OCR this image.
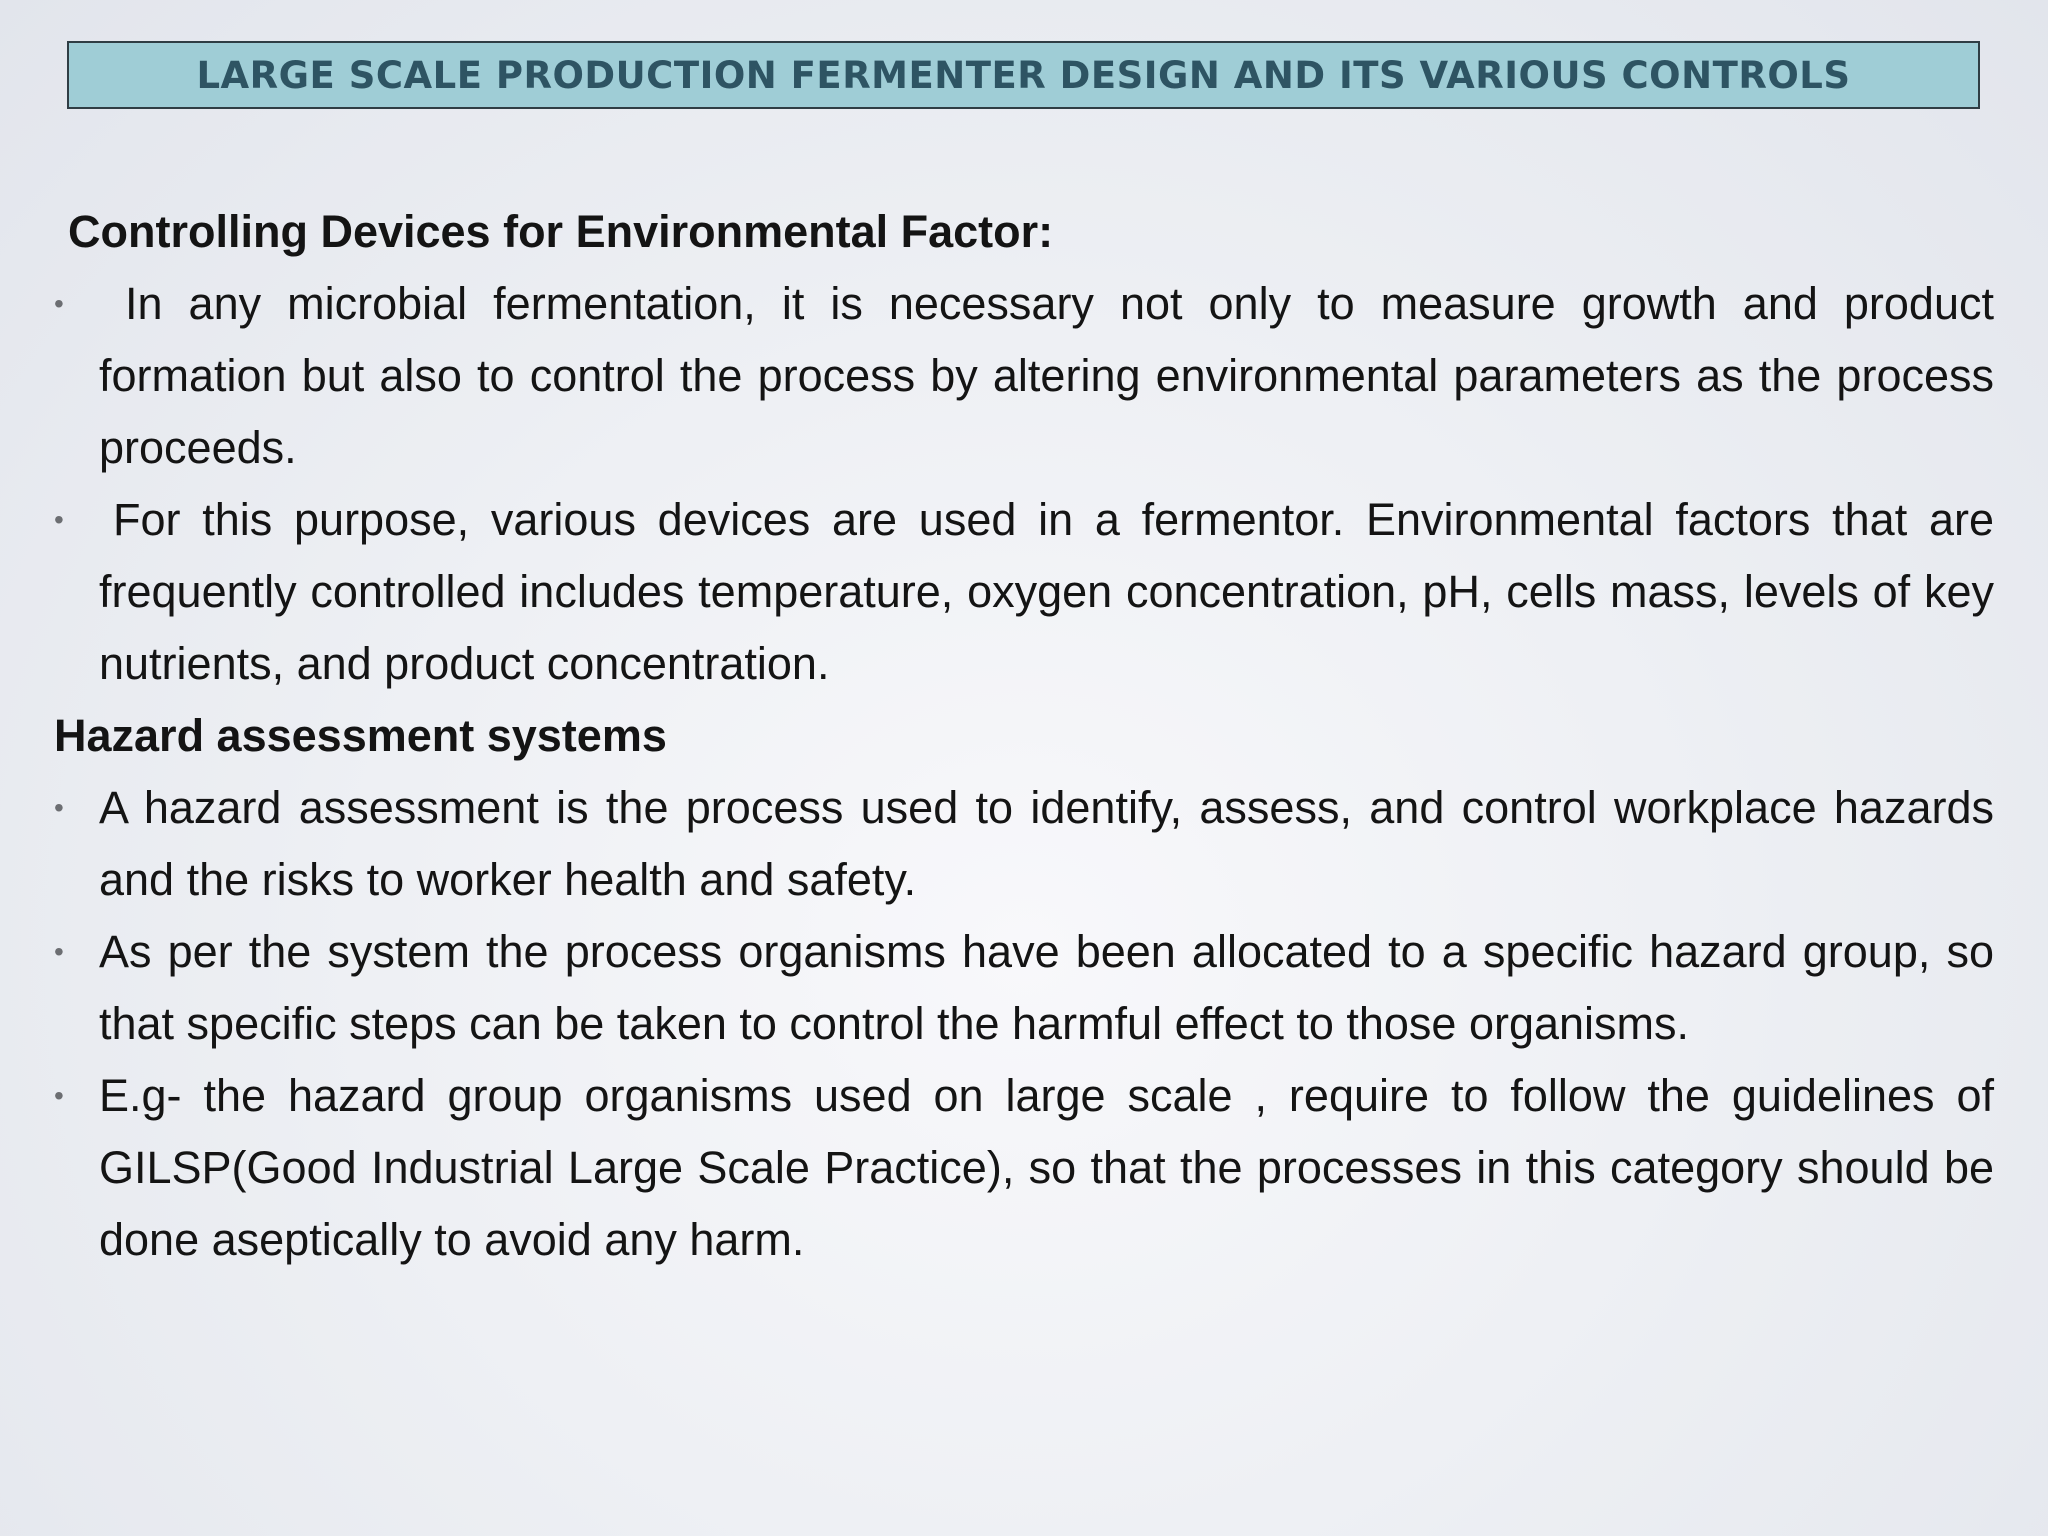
LARGE SCALE PRODUCTION FERMENTER DESIGN AND ITS VARIOUS CONTROLS
Controlling Devices for Environmental Factor:
• In any microbial fermentation, it is necessary not only to measure growth and product formation but also to control the process by altering environmental parameters as the process proceeds.
• For this purpose, various devices are used in a fermentor. Environmental factors that are frequently controlled includes temperature, oxygen concentration, pH, cells mass, levels of key nutrients, and product concentration.
Hazard assessment systems
• A hazard assessment is the process used to identify, assess, and control workplace hazards and the risks to worker health and safety.
• As per the system the process organisms have been allocated to a specific hazard group, so that specific steps can be taken to control the harmful effect to those organisms.
• E.g- the hazard group organisms used on large scale , require to follow the guidelines of GILSP(Good Industrial Large Scale Practice), so that the processes in this category should be done aseptically to avoid any harm.
